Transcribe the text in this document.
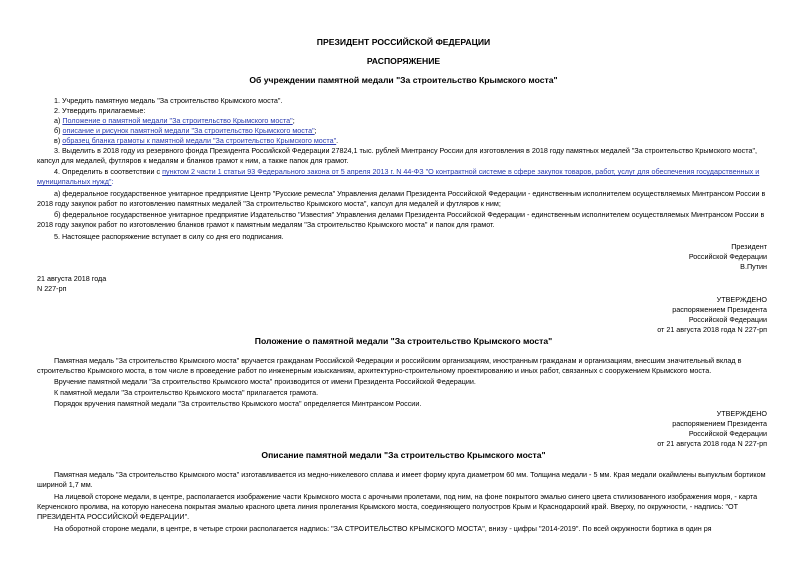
ПРЕЗИДЕНТ РОССИЙСКОЙ ФЕДЕРАЦИИ
РАСПОРЯЖЕНИЕ
Об учреждении памятной медали "За строительство Крымского моста"
1. Учредить памятную медаль "За строительство Крымского моста".
2. Утвердить прилагаемые:
а) Положение о памятной медали "За строительство Крымского моста";
б) описание и рисунок памятной медали "За строительство Крымского моста";
в) образец бланка грамоты к памятной медали "За строительство Крымского моста".
3. Выделить в 2018 году из резервного фонда Президента Российской Федерации 27824,1 тыс. рублей Минтрансу России для изготовления в 2018 году памятных медалей "За строительство Крымского моста",
капсул для медалей, футляров к медалям и бланков грамот к ним, а также папок для грамот.
4. Определить в соответствии с пунктом 2 части 1 статьи 93 Федерального закона от 5 апреля 2013 г. N 44-ФЗ "О контрактной системе в сфере закупок товаров, работ, услуг для обеспечения государственных и
муниципальных нужд":
а) федеральное государственное унитарное предприятие Центр "Русские ремесла" Управления делами Президента Российской Федерации - единственным исполнителем осуществляемых Минтрансом России в
2018 году закупок работ по изготовлению памятных медалей "За строительство Крымского моста", капсул для медалей и футляров к ним;
б) федеральное государственное унитарное предприятие Издательство "Известия" Управления делами Президента Российской Федерации - единственным исполнителем осуществляемых Минтрансом России в
2018 году закупок работ по изготовлению бланков грамот к памятным медалям "За строительство Крымского моста" и папок для грамот.
5. Настоящее распоряжение вступает в силу со дня его подписания.
Президент
Российской Федерации
В.Путин
21 августа 2018 года
N 227-рп
УТВЕРЖДЕНО
распоряжением Президента
Российской Федерации
от 21 августа 2018 года N 227-рп
Положение о памятной медали "За строительство Крымского моста"
Памятная медаль "За строительство Крымского моста" вручается гражданам Российской Федерации и российским организациям, иностранным гражданам и организациям, внесшим значительный вклад в
строительство Крымского моста, в том числе в проведение работ по инженерным изысканиям, архитектурно-строительному проектированию и иных работ, связанных с сооружением Крымского моста.
Вручение памятной медали "За строительство Крымского моста" производится от имени Президента Российской Федерации.
К памятной медали "За строительство Крымского моста" прилагается грамота.
Порядок вручения памятной медали "За строительство Крымского моста" определяется Минтрансом России.
УТВЕРЖДЕНО
распоряжением Президента
Российской Федерации
от 21 августа 2018 года N 227-рп
Описание памятной медали "За строительство Крымского моста"
Памятная медаль "За строительство Крымского моста" изготавливается из медно-никелевого сплава и имеет форму круга диаметром 60 мм. Толщина медали - 5 мм. Края медали окаймлены выпуклым бортиком
шириной 1,7 мм.
На лицевой стороне медали, в центре, располагается изображение части Крымского моста с арочными пролетами, под ним, на фоне покрытого эмалью синего цвета стилизованного изображения моря, - карта
Керченского пролива, на которую нанесена покрытая эмалью красного цвета линия пролегания Крымского моста, соединяющего полуостров Крым и Краснодарский край. Вверху, по окружности, - надпись: "ОТ
ПРЕЗИДЕНТА РОССИЙСКОЙ ФЕДЕРАЦИИ".
На оборотной стороне медали, в центре, в четыре строки располагается надпись: "ЗА СТРОИТЕЛЬСТВО КРЫМСКОГО МОСТА", внизу - цифры "2014-2019". По всей окружности бортика в один ря
